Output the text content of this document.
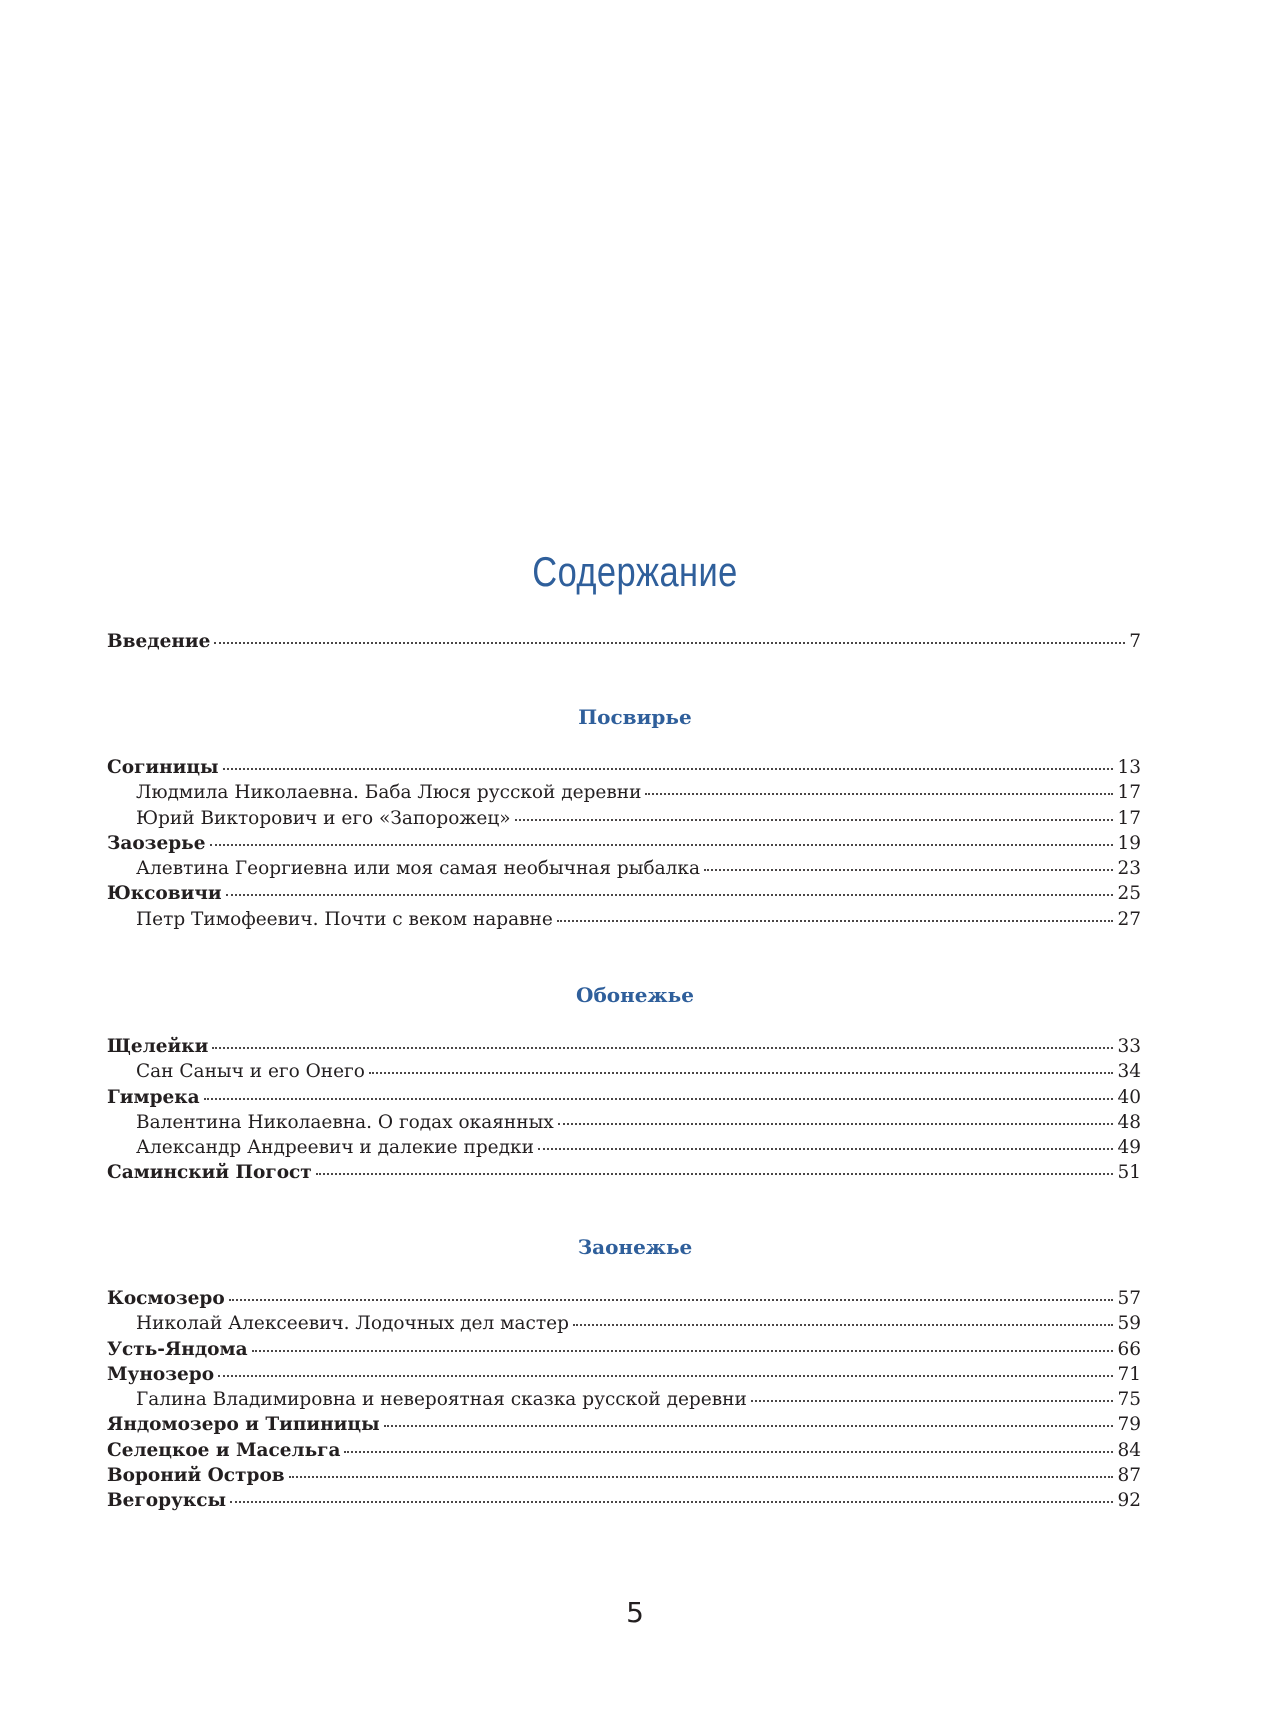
Содержание
Введение	7
Посвирье
Согиницы	13
Людмила Николаевна. Баба Люся русской деревни	17
Юрий Викторович и его «Запорожец»	17
Заозерье	19
Алевтина Георгиевна или моя самая необычная рыбалка	23
Юксовичи	25
Петр Тимофеевич. Почти с веком наравне	27
Обонежье
Щелейки	33
Сан Саныч и его Онего	34
Гимрека	40
Валентина Николаевна. О годах окаянных	48
Александр Андреевич и далекие предки	49
Саминский Погост	51
Заонежье
Космозеро	57
Николай Алексеевич. Лодочных дел мастер	59
Усть-Яндома	66
Мунозеро	71
Галина Владимировна и невероятная сказка русской деревни	75
Яндомозеро и Типиницы	79
Селецкое и Масельга	84
Вороний Остров	87
Вегоруксы	92
5
